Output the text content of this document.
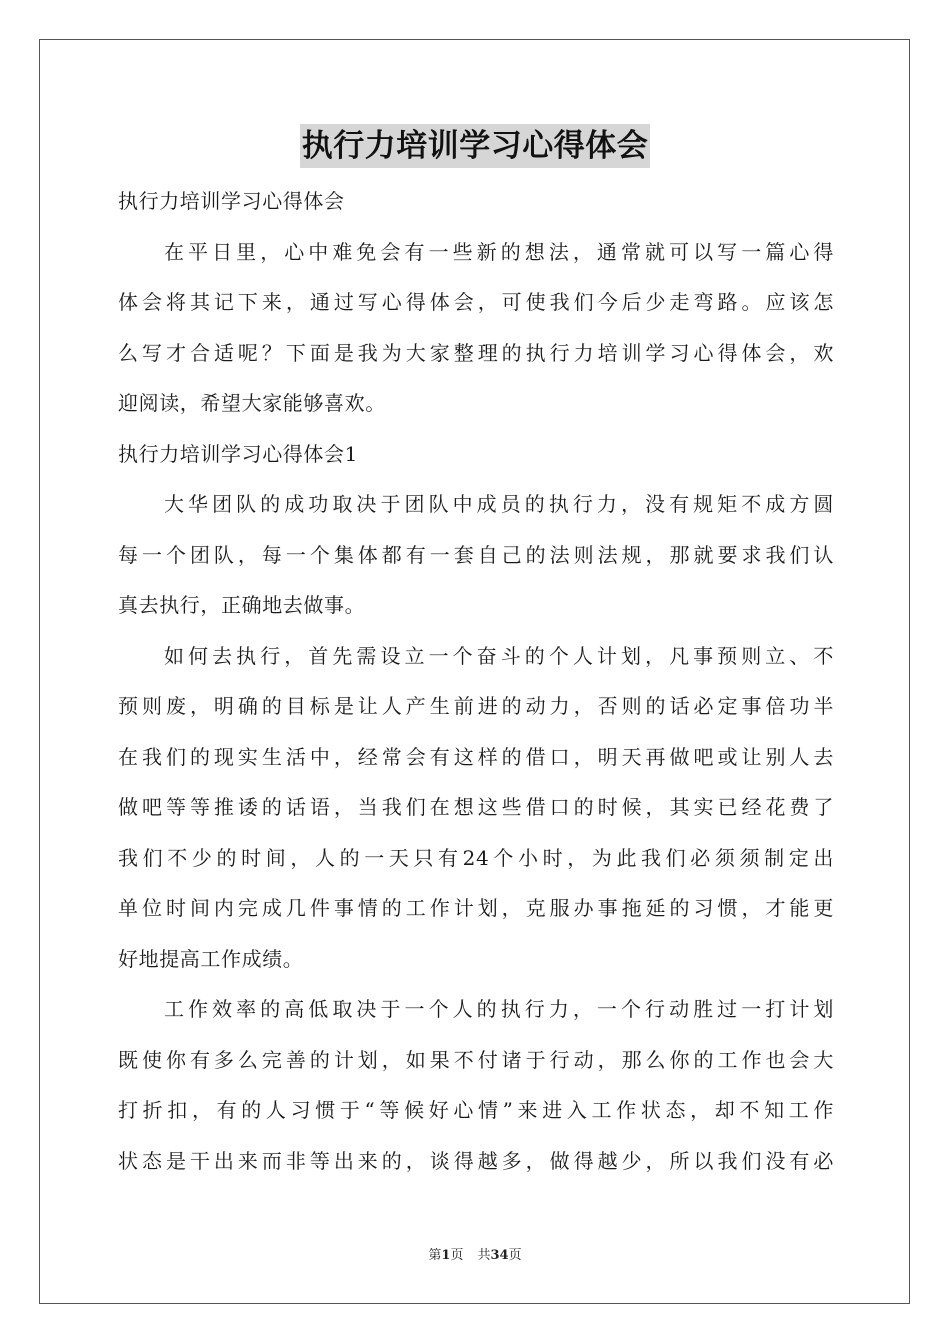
执行力培训学习心得体会
执行力培训学习心得体会
在平日里，心中难免会有一些新的想法，通常就可以写一篇心得
体会将其记下来，通过写心得体会，可使我们今后少走弯路。应该怎
么写才合适呢？下面是我为大家整理的执行力培训学习心得体会，欢
迎阅读，希望大家能够喜欢。
执行力培训学习心得体会1
大华团队的成功取决于团队中成员的执行力，没有规矩不成方圆
每一个团队，每一个集体都有一套自己的法则法规，那就要求我们认
真去执行，正确地去做事。
如何去执行，首先需设立一个奋斗的个人计划，凡事预则立、不
预则废，明确的目标是让人产生前进的动力，否则的话必定事倍功半
在我们的现实生活中，经常会有这样的借口，明天再做吧或让别人去
做吧等等推诿的话语，当我们在想这些借口的时候，其实已经花费了
我们不少的时间，人的一天只有24个小时，为此我们必须须制定出
单位时间内完成几件事情的工作计划，克服办事拖延的习惯，才能更
好地提高工作成绩。
工作效率的高低取决于一个人的执行力，一个行动胜过一打计划
既使你有多么完善的计划，如果不付诸于行动，那么你的工作也会大
打折扣，有的人习惯于“等候好心情”来进入工作状态，却不知工作
状态是干出来而非等出来的，谈得越多，做得越少，所以我们没有必
第1页 共34页
